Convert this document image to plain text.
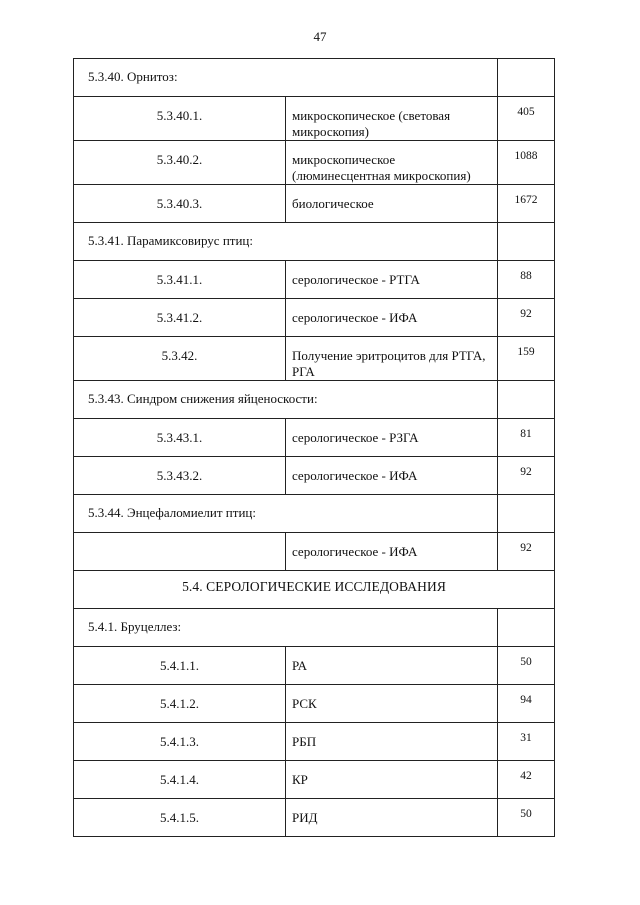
47
5.3.40. Орнитоз:		
5.3.40.1.	микроскопическое (световая микроскопия)	405
5.3.40.2.	микроскопическое (люминесцентная микроскопия)	1088
5.3.40.3.	биологическое	1672
5.3.41. Парамиксовирус птиц:		
5.3.41.1.	серологическое - РТГА	88
5.3.41.2.	серологическое - ИФА	92
5.3.42.	Получение эритроцитов для РТГА, РГА	159
5.3.43. Синдром снижения яйценоскости:		
5.3.43.1.	серологическое - РЗГА	81
5.3.43.2.	серологическое - ИФА	92
5.3.44. Энцефаломиелит птиц:		
	серологическое - ИФА	92
5.4. СЕРОЛОГИЧЕСКИЕ ИССЛЕДОВАНИЯ		
5.4.1. Бруцеллез:		
5.4.1.1.	РА	50
5.4.1.2.	РСК	94
5.4.1.3.	РБП	31
5.4.1.4.	КР	42
5.4.1.5.	РИД	50
